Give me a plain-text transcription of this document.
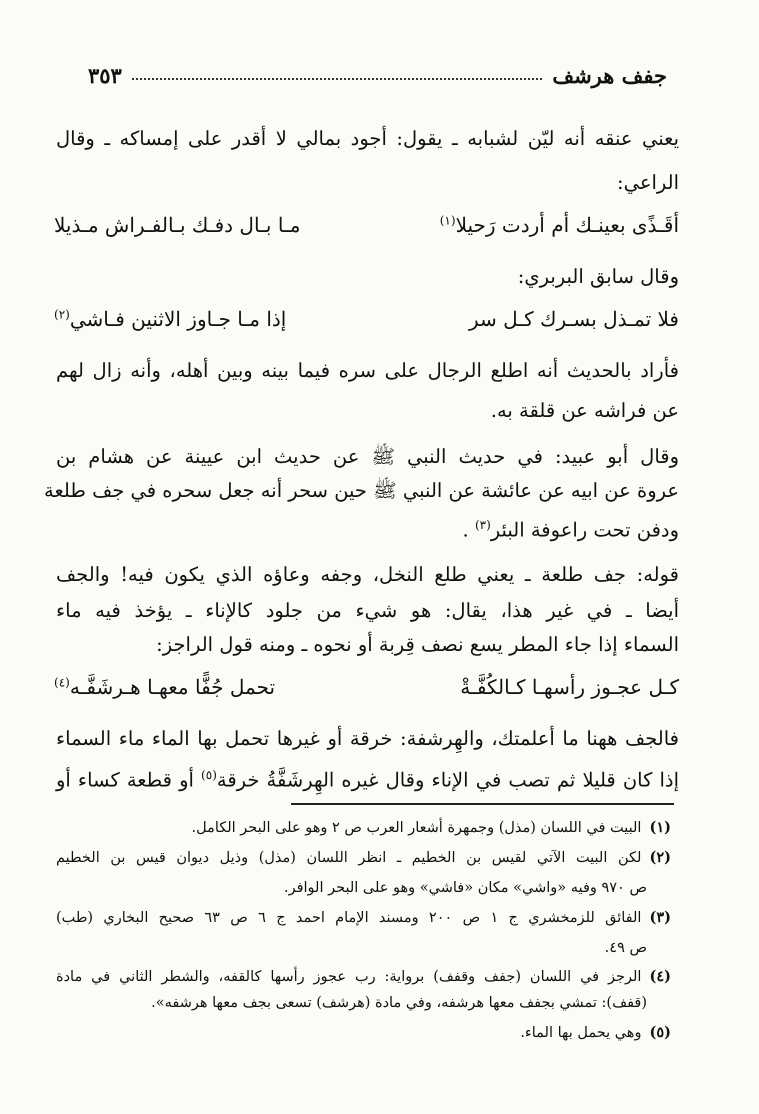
جفف هرشف
٣٥٣
يعني عنقه أنه ليّن لشبابه ـ يقول: أجود بمالي لا أقدر على إمساكه ـ وقال
الراعي:
أقَـذًى بعينـك أم أردت رَحيلا$^{(١)}$
مـا بـال دفـك بـالفـراش مـذيلا
وقال سابق البربري:
فلا تمـذل بسـرك كـل سر
إذا مـا جـاوز الاثنين فـاشي$^{(٢)}$
فأراد بالحديث أنه اطلع الرجال على سره فيما بينه وبين أهله، وأنه زال لهم
عن فراشه عن قلقة به.
وقال أبو عبيد: في حديث النبي ﷺ عن حديث ابن عيينة عن هشام بن
عروة عن ابيه عن عائشة عن النبي ﷺ حين سحر أنه جعل سحره في جف طلعة
ودفن تحت راعوفة البئر$^{(٣)}$ .
قوله: جف طلعة ـ يعني طلع النخل، وجفه وعاؤه الذي يكون فيه! والجف
أيضا ـ في غير هذا، يقال: هو شيء من جلود كالإناء ـ يؤخذ فيه ماء
السماء إذا جاء المطر يسع نصف قِربة أو نحوه ـ ومنه قول الراجز:
كـل عجـوز رأسهـا كـالكُفَّـةْ
تحمل جُفًّا معهـا هـرشَفَّـه$^{(٤)}$
فالجف ههنا ما أعلمتك، والهِرشفة: خرقة أو غيرها تحمل بها الماء ماء السماء
إذا كان قليلا ثم تصب في الإناء وقال غيره الهِرشَفَّةُ خرقة$^{(٥)}$ أو قطعة كساء أو
(١)البيت في اللسان (مذل) وجمهرة أشعار العرب ص ٢ وهو على البحر الكامل.
(٢)لكن البيت الآتي لقيس بن الخطيم ـ انظر اللسان (مذل) وذيل ديوان قيس بن الخطيم
ص ٩٧٠ وفيه «واشي» مكان «فاشي» وهو على البحر الوافر.
(٣)الفائق للزمخشري ج ١ ص ٢٠٠ ومسند الإمام احمد ج ٦ ص ٦٣ صحيح البخاري (طب)
ص ٤٩.
(٤)الرجز في اللسان (جفف وقفف) برواية: رب عجوز رأسها كالقفه، والشطر الثاني في مادة
(قفف): تمشي بجفف معها هرشفه، وفي مادة (هرشف) تسعى بجف معها هرشفه».
(٥)وهي يحمل بها الماء.
